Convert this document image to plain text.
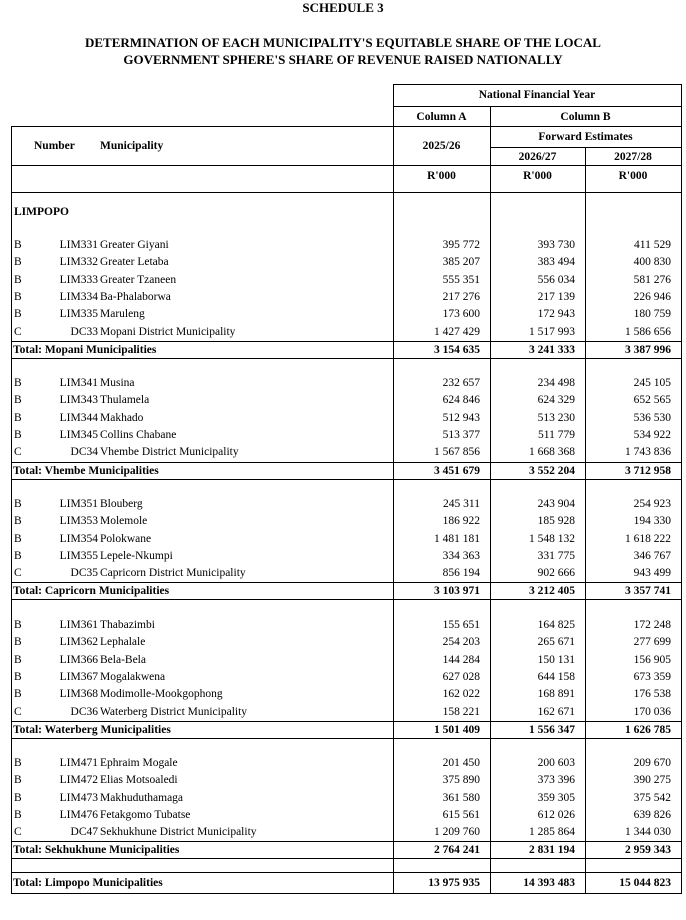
SCHEDULE 3
DETERMINATION OF EACH MUNICIPALITY'S EQUITABLE SHARE OF THE LOCAL
GOVERNMENT SPHERE'S SHARE OF REVENUE RAISED NATIONALLY
National Financial Year
Column A	Column B
Forward Estimates
Number Municipality	2025/26
2026/27	2027/28
R'000	R'000	R'000
LIMPOPO
B	LIM331 Greater Giyani	395 772	393 730	411 529
B	LIM332 Greater Letaba	385 207	383 494	400 830
B	LIM333 Greater Tzaneen	555 351	556 034	581 276
B	LIM334 Ba-Phalaborwa	217 276	217 139	226 946
B	LIM335 Maruleng	173 600	172 943	180 759
C	DC33 Mopani District Municipality	1 427 429	1 517 993	1 586 656
Total: Mopani Municipalities	3 154 635	3 241 333	3 387 996
B	LIM341 Musina	232 657	234 498	245 105
B	LIM343 Thulamela	624 846	624 329	652 565
B	LIM344 Makhado	512 943	513 230	536 530
B	LIM345 Collins Chabane	513 377	511 779	534 922
C	DC34 Vhembe District Municipality	1 567 856	1 668 368	1 743 836
Total: Vhembe Municipalities	3 451 679	3 552 204	3 712 958
B	LIM351 Blouberg	245 311	243 904	254 923
B	LIM353 Molemole	186 922	185 928	194 330
B	LIM354 Polokwane	1 481 181	1 548 132	1 618 222
B	LIM355 Lepele-Nkumpi	334 363	331 775	346 767
C	DC35 Capricorn District Municipality	856 194	902 666	943 499
Total: Capricorn Municipalities	3 103 971	3 212 405	3 357 741
B	LIM361 Thabazimbi	155 651	164 825	172 248
B	LIM362 Lephalale	254 203	265 671	277 699
B	LIM366 Bela-Bela	144 284	150 131	156 905
B	LIM367 Mogalakwena	627 028	644 158	673 359
B	LIM368 Modimolle-Mookgophong	162 022	168 891	176 538
C	DC36 Waterberg District Municipality	158 221	162 671	170 036
Total: Waterberg Municipalities	1 501 409	1 556 347	1 626 785
B	LIM471 Ephraim Mogale	201 450	200 603	209 670
B	LIM472 Elias Motsoaledi	375 890	373 396	390 275
B	LIM473 Makhuduthamaga	361 580	359 305	375 542
B	LIM476 Fetakgomo Tubatse	615 561	612 026	639 826
C	DC47 Sekhukhune District Municipality	1 209 760	1 285 864	1 344 030
Total: Sekhukhune Municipalities	2 764 241	2 831 194	2 959 343
Total: Limpopo Municipalities	13 975 935	14 393 483	15 044 823
